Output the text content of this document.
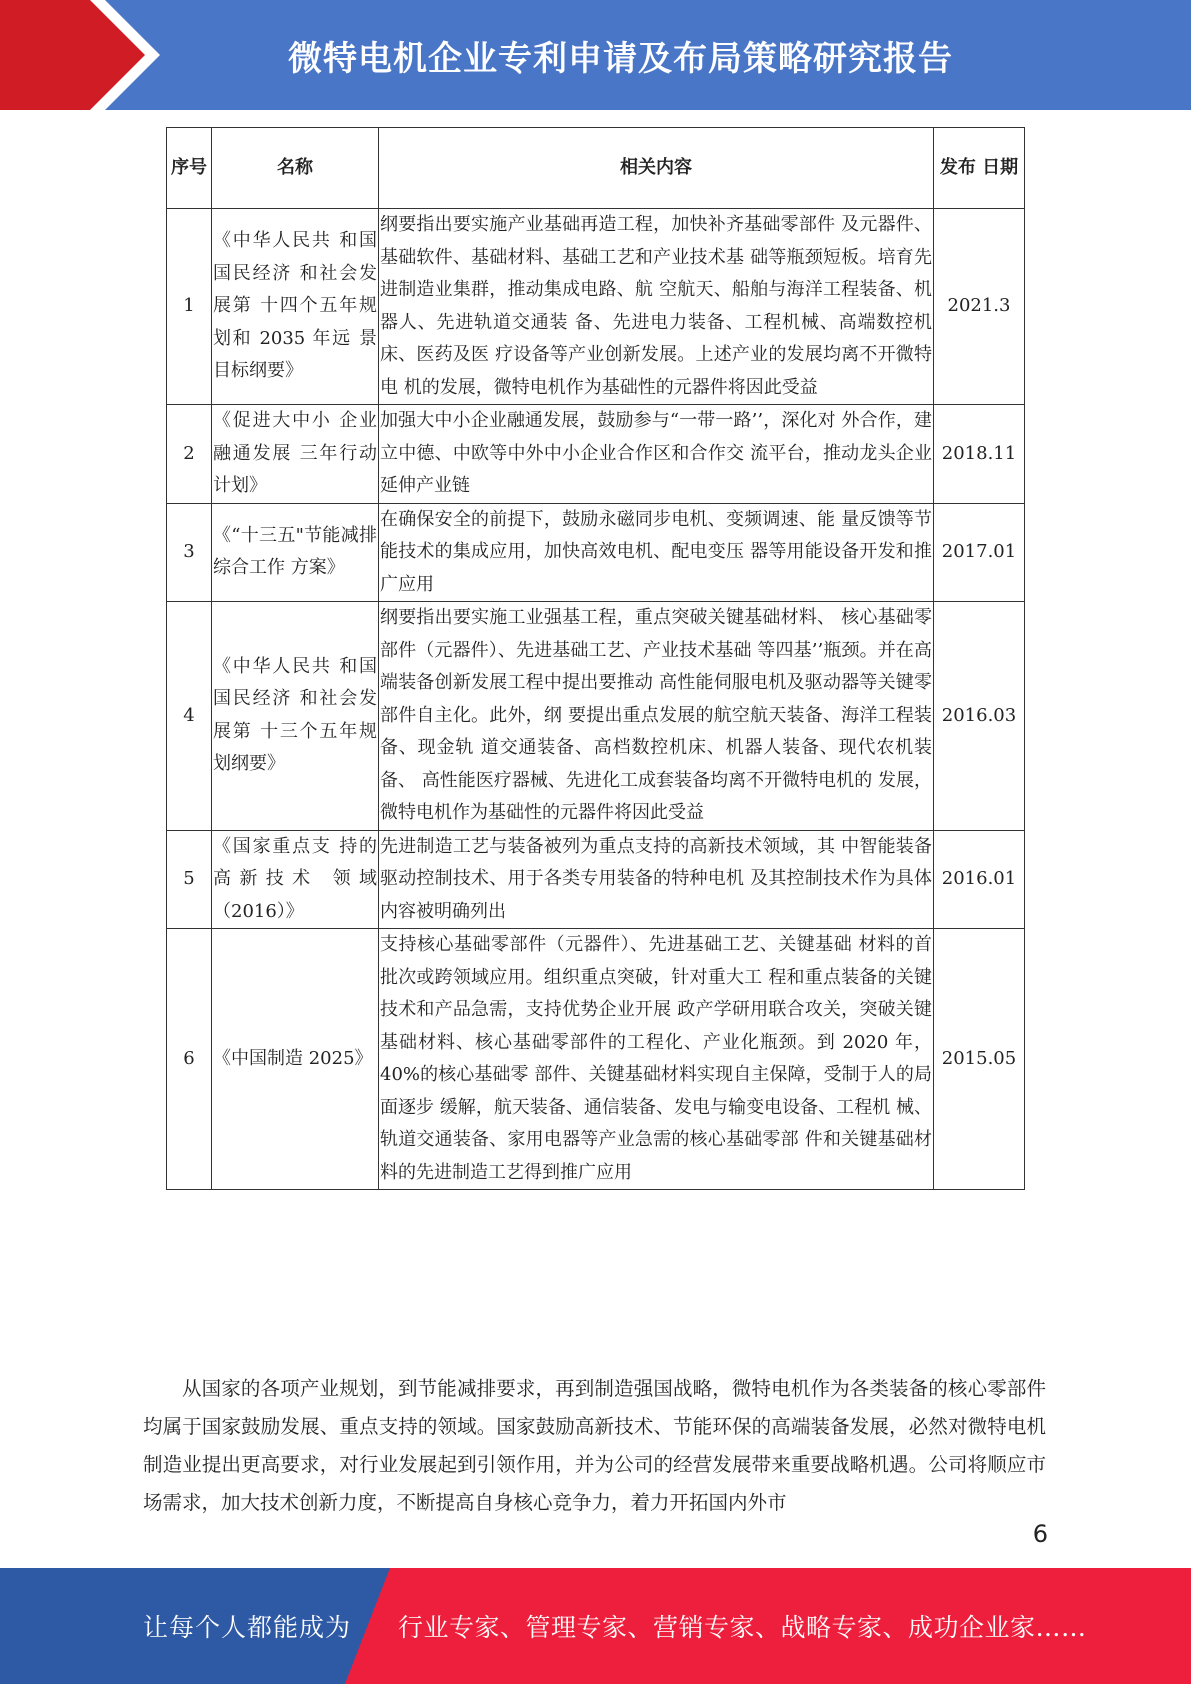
微特电机企业专利申请及布局策略研究报告
序号	名称	相关内容	发布 日期
1	《中华人民共 和国国民经济 和社会发展第 十四个五年规 划和 2035 年远 景目标纲要》	纲要指出要实施产业基础再造工程，加快补齐基础零部件 及元器件、基础软件、基础材料、基础工艺和产业技术基 础等瓶颈短板。培育先进制造业集群，推动集成电路、航 空航天、船舶与海洋工程装备、机器人、先进轨道交通装 备、先进电力装备、工程机械、高端数控机床、医药及医 疗设备等产业创新发展。上述产业的发展均离不开微特电 机的发展，微特电机作为基础性的元器件将因此受益	2021.3
2	《促进大中小 企业融通发展 三年行动计划》	加强大中小企业融通发展，鼓励参与“一带一路’’，深化对 外合作，建立中德、中欧等中外中小企业合作区和合作交 流平台，推动龙头企业延伸产业链	2018.11
3	《“十三五"节能减排综合工作 方案》	在确保安全的前提下，鼓励永磁同步电机、变频调速、能 量反馈等节能技术的集成应用，加快高效电机、配电变压 器等用能设备开发和推广应用	2017.01
4	《中华人民共 和国国民经济 和社会发展第 十三个五年规 划纲要》	纲要指出要实施工业强基工程，重点突破关键基础材料、 核心基础零部件（元器件）、先进基础工艺、产业技术基础 等四基’’瓶颈。并在高端装备创新发展工程中提出要推动 高性能伺服电机及驱动器等关键零部件自主化。此外，纲 要提出重点发展的航空航天装备、海洋工程装备、现金轨 道交通装备、高档数控机床、机器人装备、现代农机装备、 高性能医疗器械、先进化工成套装备均离不开微特电机的 发展，微特电机作为基础性的元器件将因此受益	2016.03
5	《国家重点支 持的高新技术 领域（2016）》	先进制造工艺与装备被列为重点支持的高新技术领域，其 中智能装备驱动控制技术、用于各类专用装备的特种电机 及其控制技术作为具体内容被明确列出	2016.01
6	《中国制造 2025》	支持核心基础零部件（元器件）、先进基础工艺、关键基础 材料的首批次或跨领域应用。组织重点突破，针对重大工 程和重点装备的关键技术和产品急需，支持优势企业开展 政产学研用联合攻关，突破关键基础材料、核心基础零部件的工程化、产业化瓶颈。到 2020 年，40%的核心基础零 部件、关键基础材料实现自主保障，受制于人的局面逐步 缓解，航天装备、通信装备、发电与输变电设备、工程机 械、轨道交通装备、家用电器等产业急需的核心基础零部 件和关键基础材料的先进制造工艺得到推广应用	2015.05

从国家的各项产业规划，到节能减排要求，再到制造强国战略，微特电机作为各类装备的核心零部件均属于国家鼓励发展、重点支持的领域。国家鼓励高新技术、节能环保的高端装备发展，必然对微特电机制造业提出更高要求，对行业发展起到引领作用，并为公司的经营发展带来重要战略机遇。公司将顺应市场需求，加大技术创新力度，不断提高自身核心竞争力，着力开拓国内外市

6
让每个人都能成为 行业专家、管理专家、营销专家、战略专家、成功企业家……
